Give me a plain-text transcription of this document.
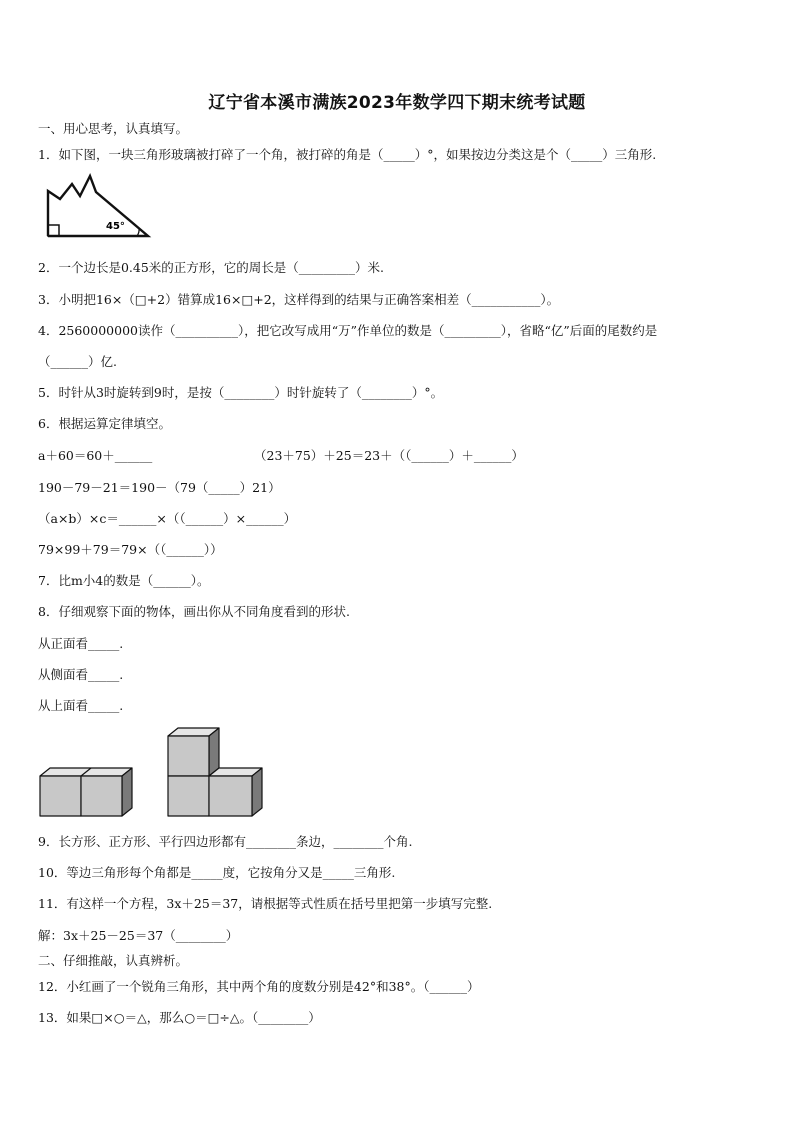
辽宁省本溪市满族2023年数学四下期末统考试题
一、用心思考，认真填写。
1．如下图，一块三角形玻璃被打碎了一个角，被打碎的角是（_____）°，如果按边分类这是个（_____）三角形.
45°
2．一个边长是0.45米的正方形，它的周长是（_________）米.
3．小明把16×（□+2）错算成16×□+2，这样得到的结果与正确答案相差（___________）。
4．2560000000读作（__________），把它改写成用“万”作单位的数是（_________），省略“亿”后面的尾数约是
（______）亿.
5．时针从3时旋转到9时，是按（________）时针旋转了（________）°。
6．根据运算定律填空。
a＋60＝60＋______	（23＋75）＋25＝23＋（（______）＋______）
190－79－21＝190－（79（_____）21）
（a×b）×c＝______×（（______）×______）
79×99＋79＝79×（（______））
7．比m小4的数是（______）。
8．仔细观察下面的物体，画出你从不同角度看到的形状.
从正面看_____.
从侧面看_____.
从上面看_____.
9．长方形、正方形、平行四边形都有________条边，________个角.
10．等边三角形每个角都是_____度，它按角分又是_____三角形.
11．有这样一个方程，3x＋25＝37，请根据等式性质在括号里把第一步填写完整.
解：3x＋25－25＝37（________）
二、仔细推敲，认真辨析。
12．小红画了一个锐角三角形，其中两个角的度数分别是42°和38°。（______）
13．如果□×○＝△，那么○＝□÷△。（________）
